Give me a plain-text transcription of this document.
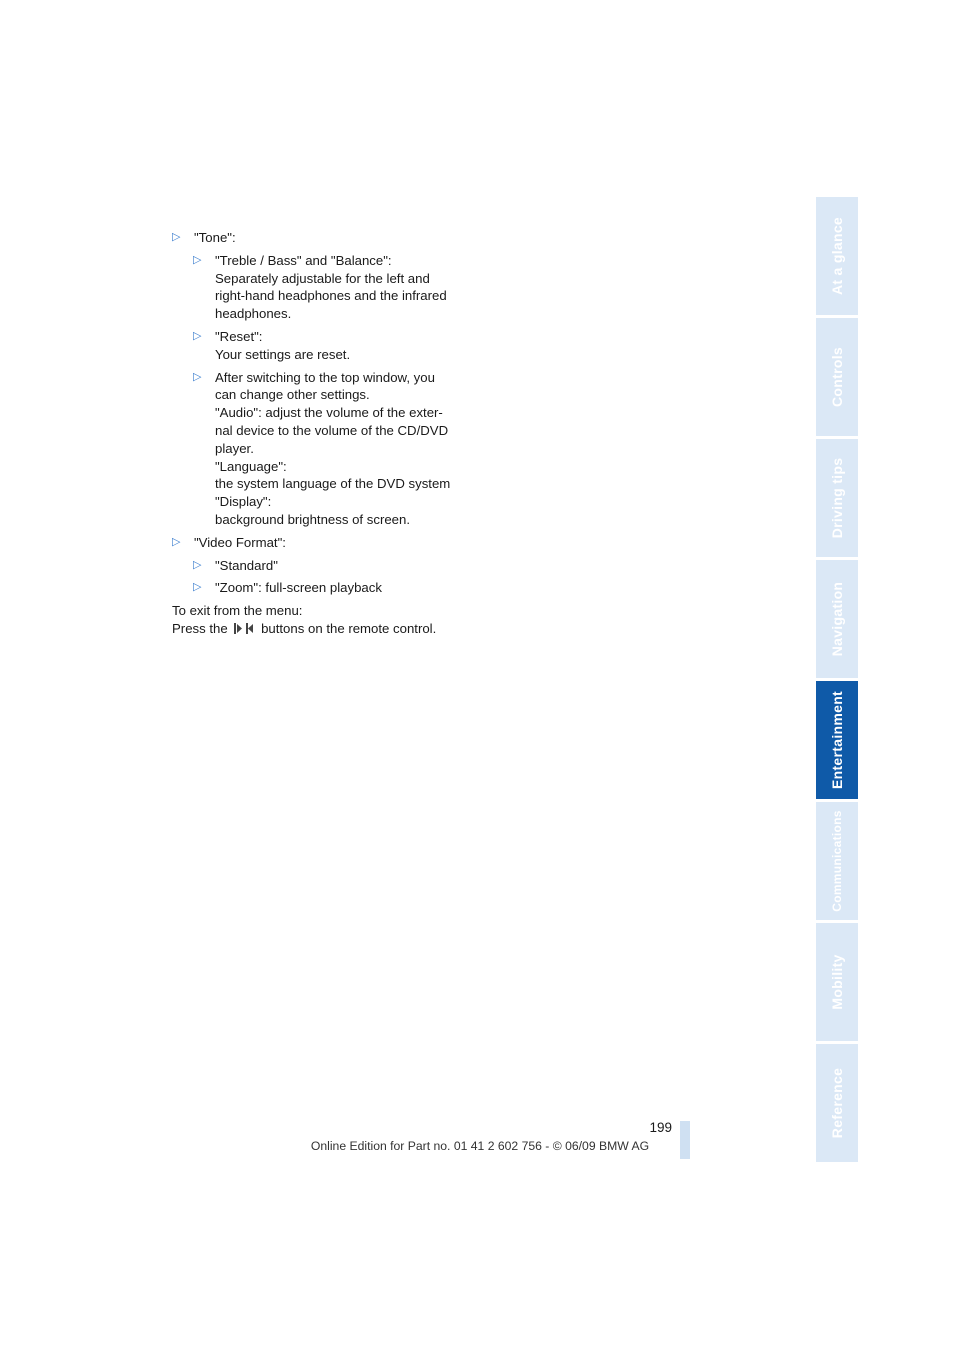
▷ "Tone":
▷ "Treble / Bass" and "Balance":
Separately adjustable for the left and
right-hand headphones and the infrared
headphones.
▷ "Reset":
Your settings are reset.
▷ After switching to the top window, you
can change other settings.
"Audio": adjust the volume of the exter-
nal device to the volume of the CD/DVD
player.
"Language":
the system language of the DVD system
"Display":
background brightness of screen.
▷ "Video Format":
▷ "Standard"
▷ "Zoom": full-screen playback
To exit from the menu:
Press the	buttons on the remote control.
At a glance
Controls
Driving tips
Navigation
Entertainment
Communications
Mobility
Reference
199
Online Edition for Part no. 01 41 2 602 756 - © 06/09 BMW AG
